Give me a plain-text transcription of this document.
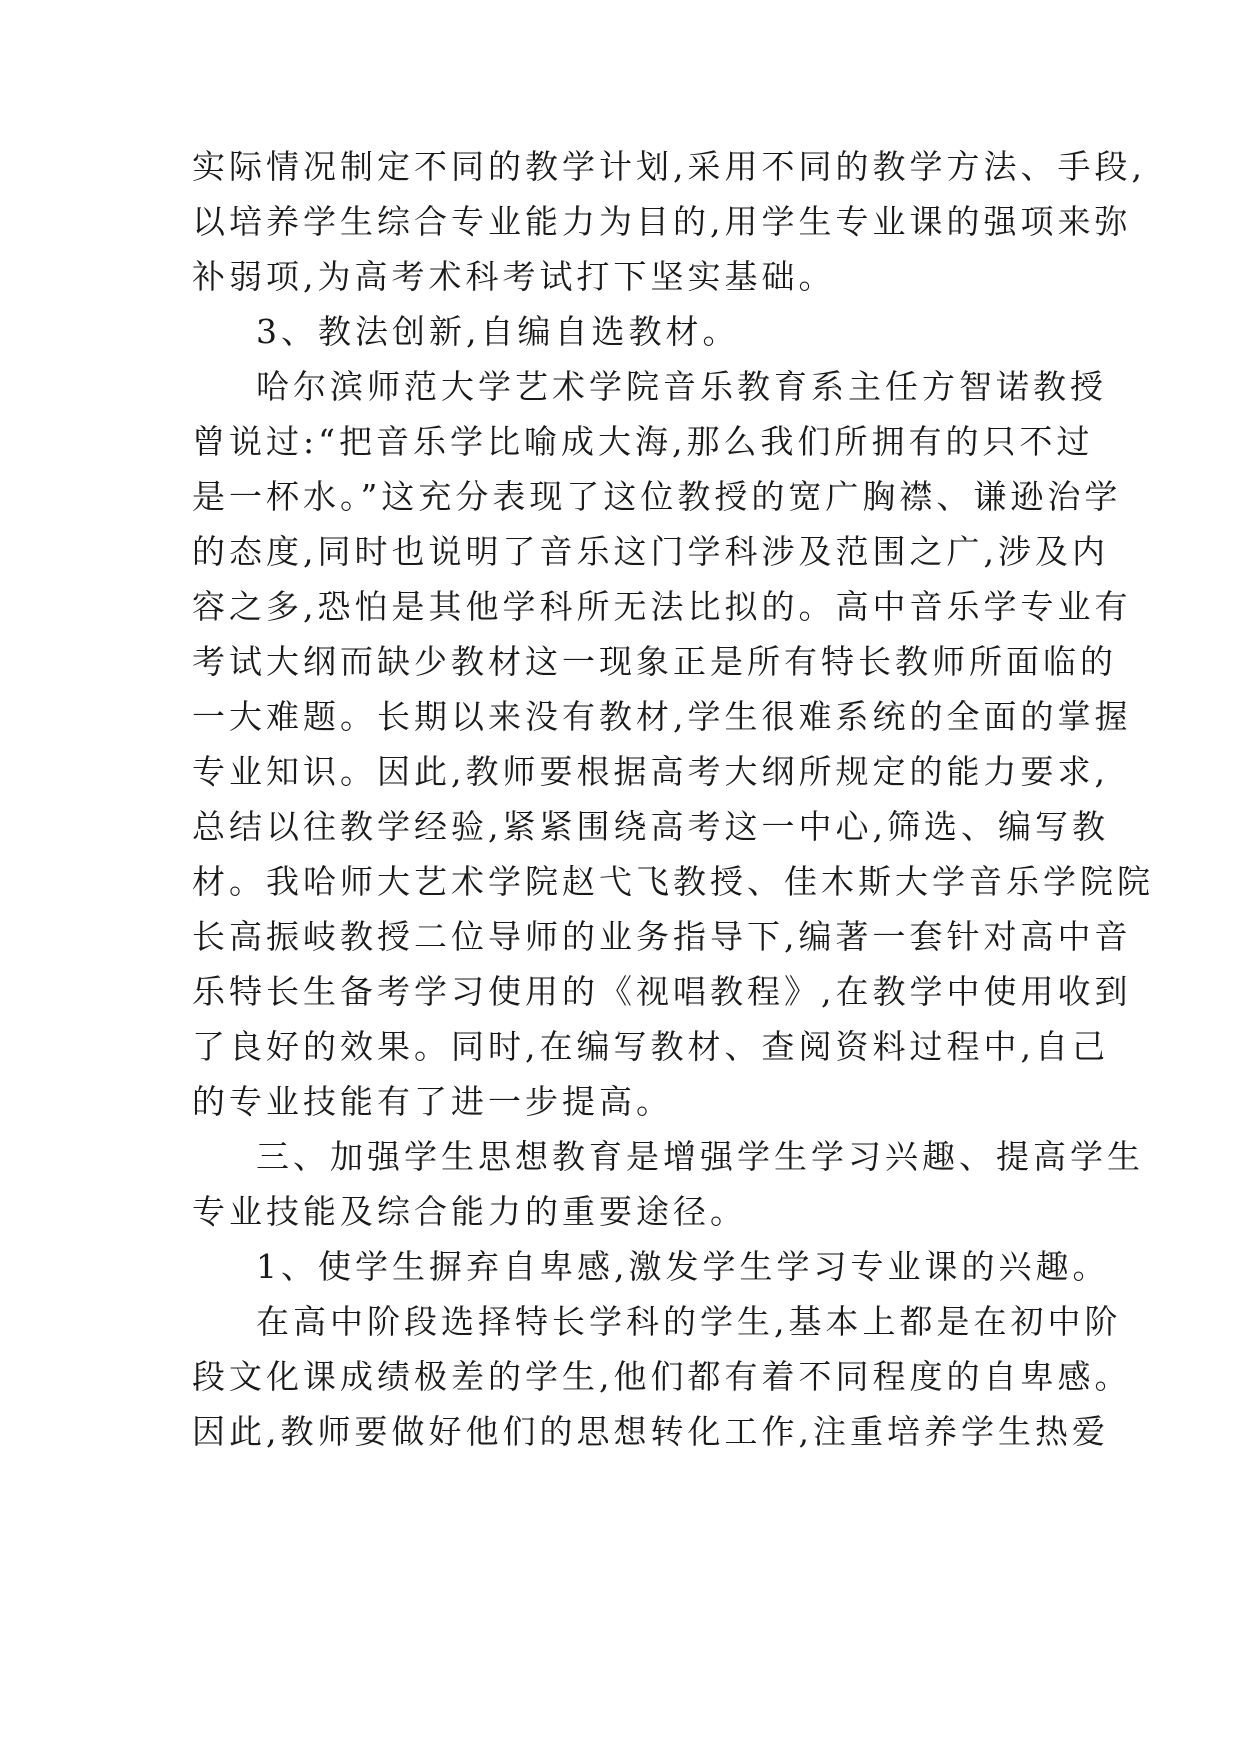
实际情况制定不同的教学计划,采用不同的教学方法、手段,
以培养学生综合专业能力为目的,用学生专业课的强项来弥
补弱项,为高考术科考试打下坚实基础。
3、教法创新,自编自选教材。
哈尔滨师范大学艺术学院音乐教育系主任方智诺教授
曾说过:“把音乐学比喻成大海,那么我们所拥有的只不过
是一杯水。”这充分表现了这位教授的宽广胸襟、谦逊治学
的态度,同时也说明了音乐这门学科涉及范围之广,涉及内
容之多,恐怕是其他学科所无法比拟的。高中音乐学专业有
考试大纲而缺少教材这一现象正是所有特长教师所面临的
一大难题。长期以来没有教材,学生很难系统的全面的掌握
专业知识。因此,教师要根据高考大纲所规定的能力要求,
总结以往教学经验,紧紧围绕高考这一中心,筛选、编写教
材。我哈师大艺术学院赵弋飞教授、佳木斯大学音乐学院院
长高振岐教授二位导师的业务指导下,编著一套针对高中音
乐特长生备考学习使用的《视唱教程》,在教学中使用收到
了良好的效果。同时,在编写教材、查阅资料过程中,自己
的专业技能有了进一步提高。
三、加强学生思想教育是增强学生学习兴趣、提高学生
专业技能及综合能力的重要途径。
1、使学生摒弃自卑感,激发学生学习专业课的兴趣。
在高中阶段选择特长学科的学生,基本上都是在初中阶
段文化课成绩极差的学生,他们都有着不同程度的自卑感。
因此,教师要做好他们的思想转化工作,注重培养学生热爱
